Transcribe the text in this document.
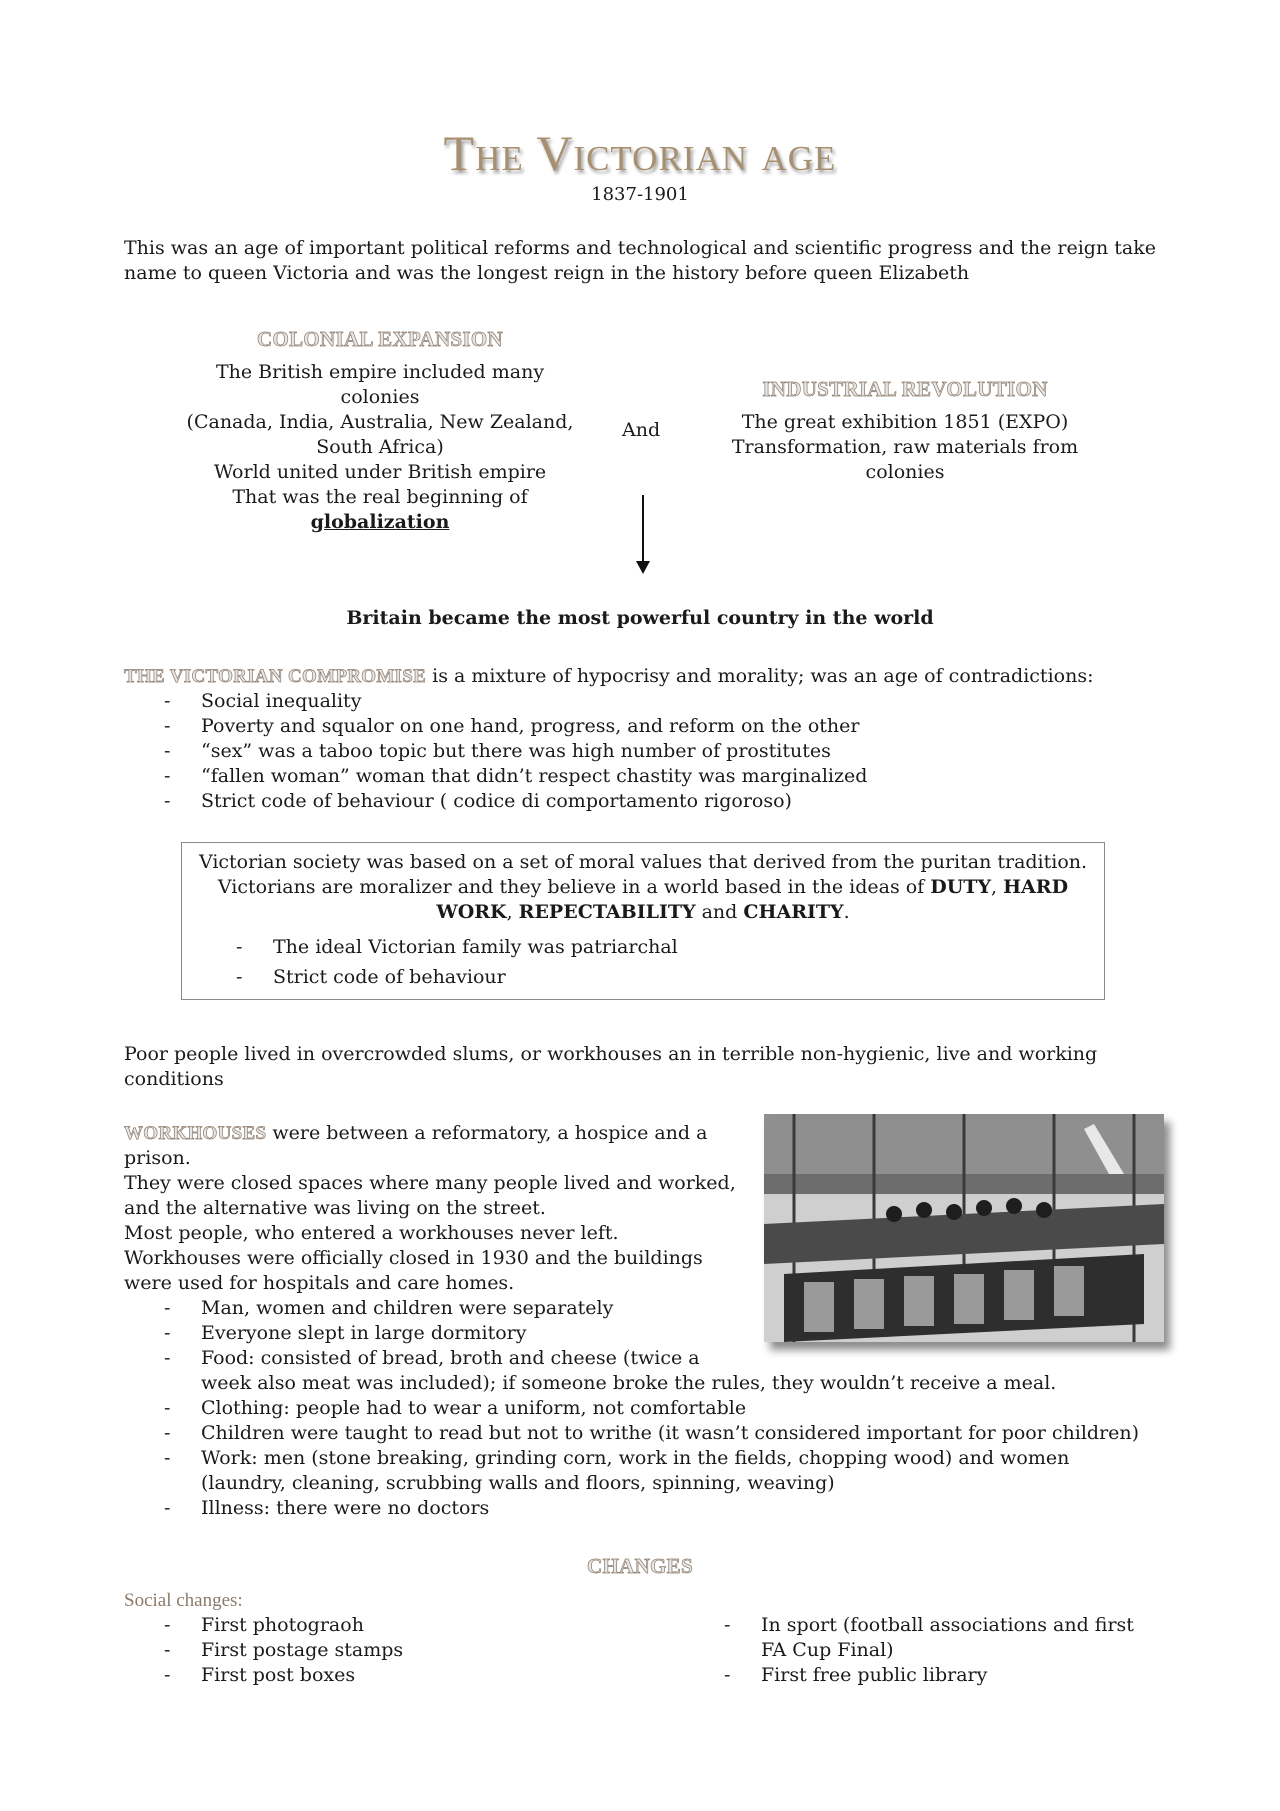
The Victorian age
1837-1901
This was an age of important political reforms and technological and scientific progress and the reign take name to queen Victoria and was the longest reign in the history before queen Elizabeth
COLONIAL EXPANSION
The British empire included many
colonies
(Canada, India, Australia, New Zealand,
South Africa)
World united under British empire
That was the real beginning of
globalization
And
INDUSTRIAL REVOLUTION
The great exhibition 1851 (EXPO)
Transformation, raw materials from
colonies
Britain became the most powerful country in the world
THE VICTORIAN COMPROMISE is a mixture of hypocrisy and morality; was an age of contradictions:
- Social inequality
- Poverty and squalor on one hand, progress, and reform on the other
- “sex” was a taboo topic but there was high number of prostitutes
- “fallen woman” woman that didn’t respect chastity was marginalized
- Strict code of behaviour ( codice di comportamento rigoroso)
Victorian society was based on a set of moral values that derived from the puritan tradition.
Victorians are moralizer and they believe in a world based in the ideas of DUTY, HARD
WORK, REPECTABILITY and CHARITY.
- The ideal Victorian family was patriarchal
- Strict code of behaviour
Poor people lived in overcrowded slums, or workhouses an in terrible non-hygienic, live and working conditions
WORKHOUSES were between a reformatory, a hospice and a
prison.
They were closed spaces where many people lived and worked,
and the alternative was living on the street.
Most people, who entered a workhouses never left.
Workhouses were officially closed in 1930 and the buildings
were used for hospitals and care homes.
- Man, women and children were separately
- Everyone slept in large dormitory
- Food: consisted of bread, broth and cheese (twice a
week also meat was included); if someone broke the rules, they wouldn’t receive a meal.
- Clothing: people had to wear a uniform, not comfortable
- Children were taught to read but not to writhe (it wasn’t considered important for poor children)
- Work: men (stone breaking, grinding corn, work in the fields, chopping wood) and women
(laundry, cleaning, scrubbing walls and floors, spinning, weaving)
- Illness: there were no doctors
CHANGES
Social changes:
- First photograoh
- First postage stamps
- First post boxes
- In sport (football associations and first
FA Cup Final)
- First free public library
